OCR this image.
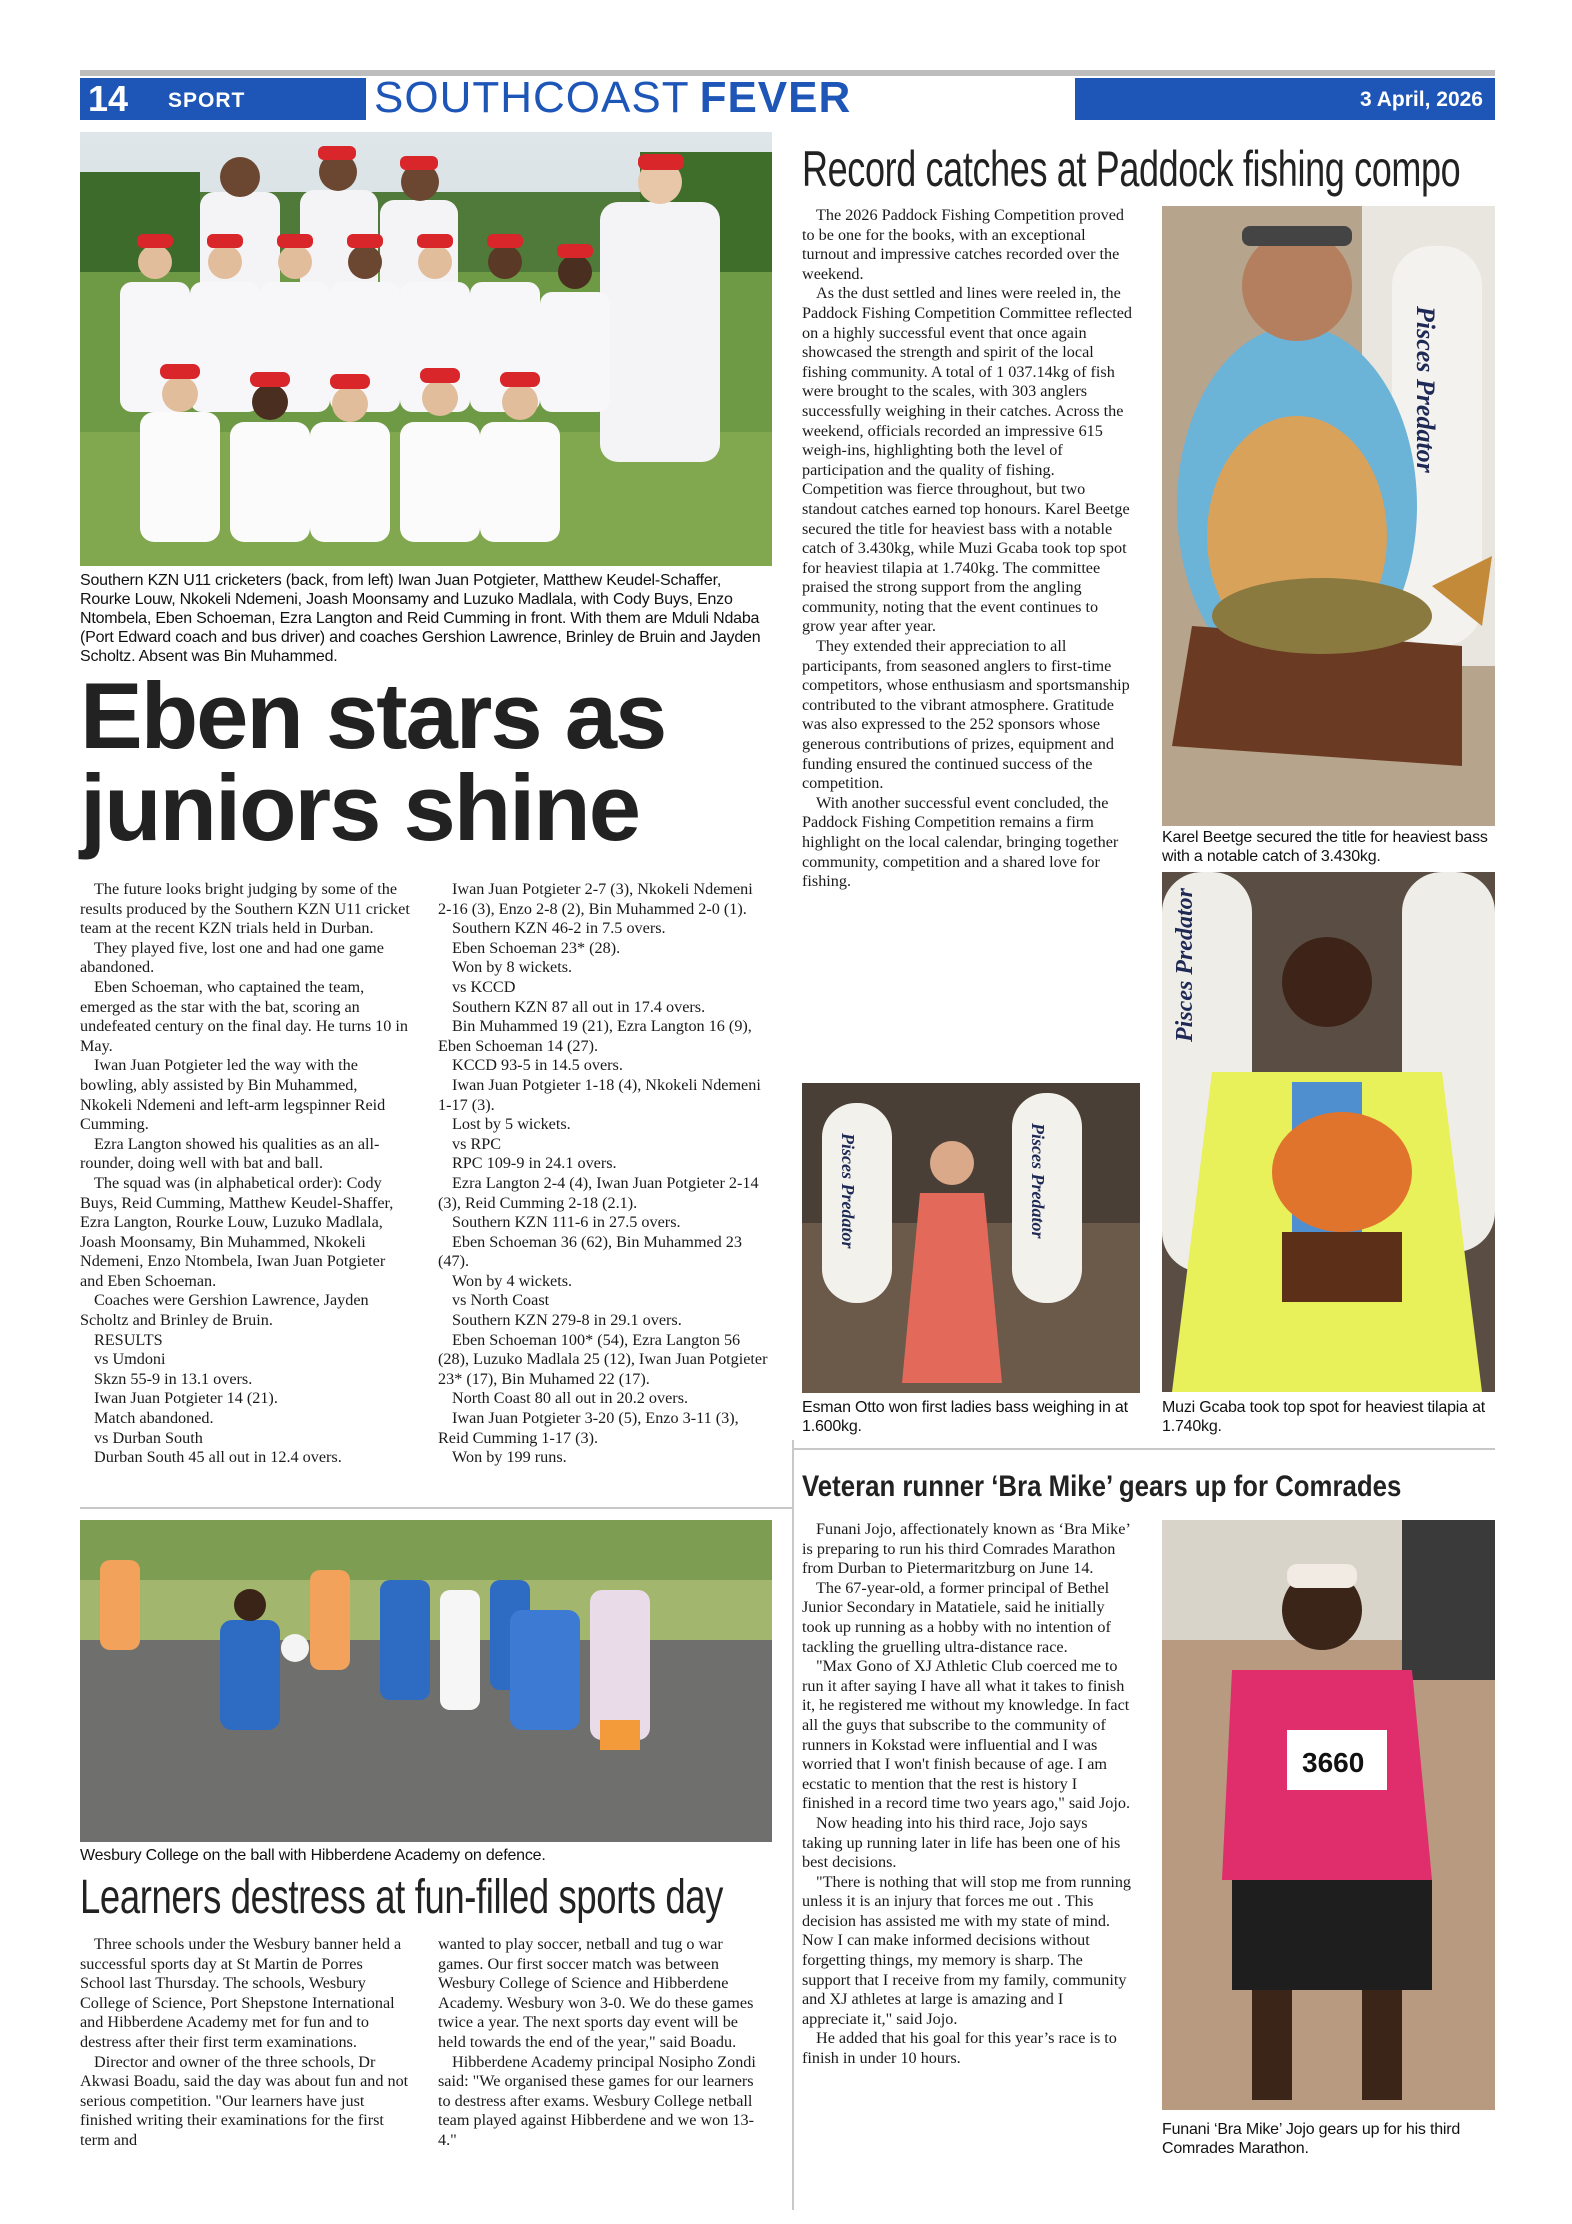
14 SPORT	SOUTHCOAST FEVER	3 April, 2026
Southern KZN U11 cricketers (back, from left) Iwan Juan Potgieter, Matthew Keudel-Schaffer, Rourke Louw, Nkokeli Ndemeni, Joash Moonsamy and Luzuko Madlala, with Cody Buys, Enzo Ntombela, Eben Schoeman, Ezra Langton and Reid Cumming in front. With them are Mduli Ndaba (Port Edward coach and bus driver) and coaches Gershion Lawrence, Brinley de Bruin and Jayden Scholtz. Absent was Bin Muhammed.
Eben stars as juniors shine

The future looks bright judging by some of the results produced by the Southern KZN U11 cricket team at the recent KZN trials held in Durban.

They played five, lost one and had one game abandoned.

Eben Schoeman, who captained the team, emerged as the star with the bat, scoring an undefeated century on the final day. He turns 10 in May.

Iwan Juan Potgieter led the way with the bowling, ably assisted by Bin Muhammed, Nkokeli Ndemeni and left-arm legspinner Reid Cumming.

Ezra Langton showed his qualities as an all-rounder, doing well with bat and ball.

The squad was (in alphabetical order): Cody Buys, Reid Cumming, Matthew Keudel-Shaffer, Ezra Langton, Rourke Louw, Luzuko Madlala, Joash Moonsamy, Bin Muhammed, Nkokeli Ndemeni, Enzo Ntombela, Iwan Juan Potgieter and Eben Schoeman.

Coaches were Gershion Lawrence, Jayden Scholtz and Brinley de Bruin.

RESULTS

vs Umdoni

Skzn 55-9 in 13.1 overs.

Iwan Juan Potgieter 14 (21).

Match abandoned.

vs Durban South

Durban South 45 all out in 12.4 overs.

Iwan Juan Potgieter 2-7 (3), Nkokeli Ndemeni 2-16 (3), Enzo 2-8 (2), Bin Muhammed 2-0 (1).

Southern KZN 46-2 in 7.5 overs.

Eben Schoeman 23* (28).

Won by 8 wickets.

vs KCCD

Southern KZN 87 all out in 17.4 overs.

Bin Muhammed 19 (21), Ezra Langton 16 (9), Eben Schoeman 14 (27).

KCCD 93-5 in 14.5 overs.

Iwan Juan Potgieter 1-18 (4), Nkokeli Ndemeni 1-17 (3).

Lost by 5 wickets.

vs RPC

RPC 109-9 in 24.1 overs.

Ezra Langton 2-4 (4), Iwan Juan Potgieter 2-14 (3), Reid Cumming 2-18 (2.1).

Southern KZN 111-6 in 27.5 overs.

Eben Schoeman 36 (62), Bin Muhammed 23 (47).

Won by 4 wickets.

vs North Coast

Southern KZN 279-8 in 29.1 overs.

Eben Schoeman 100* (54), Ezra Langton 56 (28), Luzuko Madlala 25 (12), Iwan Juan Potgieter 23* (17), Bin Muhamed 22 (17).

North Coast 80 all out in 20.2 overs.

Iwan Juan Potgieter 3-20 (5), Enzo 3-11 (3), Reid Cumming 1-17 (3).

Won by 199 runs.

Record catches at Paddock fishing compo

The 2026 Paddock Fishing Competition proved to be one for the books, with an exceptional turnout and impressive catches recorded over the weekend.

As the dust settled and lines were reeled in, the Paddock Fishing Competition Committee reflected on a highly successful event that once again showcased the strength and spirit of the local fishing community. A total of 1 037.14kg of fish were brought to the scales, with 303 anglers successfully weighing in their catches. Across the weekend, officials recorded an impressive 615 weigh-ins, highlighting both the level of participation and the quality of fishing. Competition was fierce throughout, but two standout catches earned top honours. Karel Beetge secured the title for heaviest bass with a notable catch of 3.430kg, while Muzi Gcaba took top spot for heaviest tilapia at 1.740kg. The committee praised the strong support from the angling community, noting that the event continues to grow year after year.

They extended their appreciation to all participants, from seasoned anglers to first-time competitors, whose enthusiasm and sportsmanship contributed to the vibrant atmosphere. Gratitude was also expressed to the 252 sponsors whose generous contributions of prizes, equipment and funding ensured the continued success of the competition.

With another successful event concluded, the Paddock Fishing Competition remains a firm highlight on the local calendar, bringing together community, competition and a shared love for fishing.

Pisces Predator
Karel Beetge secured the title for heaviest bass with a notable catch of 3.430kg.
Pisces Predator	Pisces Predator
Esman Otto won first ladies bass weighing in at 1.600kg.
Pisces Predator
Muzi Gcaba took top spot for heaviest tilapia at 1.740kg.
Wesbury College on the ball with Hibberdene Academy on defence.
Learners destress at fun-filled sports day

Three schools under the Wesbury banner held a successful sports day at St Martin de Porres School last Thursday. The schools, Wesbury College of Science, Port Shepstone International and Hibberdene Academy met for fun and to destress after their first term examinations.

Director and owner of the three schools, Dr Akwasi Boadu, said the day was about fun and not serious competition. "Our learners have just finished writing their examinations for the first term and

wanted to play soccer, netball and tug o war games. Our first soccer match was between Wesbury College of Science and Hibberdene Academy. Wesbury won 3-0. We do these games twice a year. The next sports day event will be held towards the end of the year," said Boadu.

Hibberdene Academy principal Nosipho Zondi said: "We organised these games for our learners to destress after exams. Wesbury College netball team played against Hibberdene and we won 13-4."

Veteran runner ‘Bra Mike’ gears up for Comrades

Funani Jojo, affectionately known as ‘Bra Mike’ is preparing to run his third Comrades Marathon from Durban to Pietermaritzburg on June 14.

The 67-year-old, a former principal of Bethel Junior Secondary in Matatiele, said he initially took up running as a hobby with no intention of tackling the gruelling ultra-distance race.

"Max Gono of XJ Athletic Club coerced me to run it after saying I have all what it takes to finish it, he registered me without my knowledge. In fact all the guys that subscribe to the community of runners in Kokstad were influential and I was worried that I won't finish because of age. I am ecstatic to mention that the rest is history I finished in a record time two years ago," said Jojo.

Now heading into his third race, Jojo says taking up running later in life has been one of his best decisions.

"There is nothing that will stop me from running unless it is an injury that forces me out . This decision has assisted me with my state of mind. Now I can make informed decisions without forgetting things, my memory is sharp. The support that I receive from my family, community and XJ athletes at large is amazing and I appreciate it," said Jojo.

He added that his goal for this year’s race is to finish in under 10 hours.

3660
Funani ‘Bra Mike’ Jojo gears up for his third Comrades Marathon.
